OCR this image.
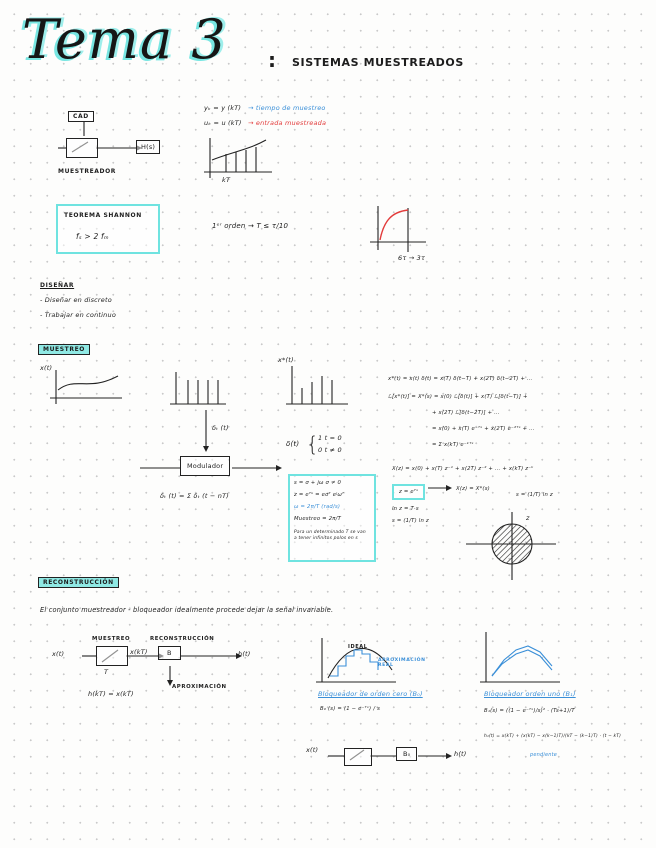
Tema 3 : SISTEMAS MUESTREADOS
CAD
H(s)
MUESTREADOR
yₖ = y (kT) → tiempo de muestreo
uₖ = u (kT) → entrada muestreada
kT
TEOREMA SHANNON
fₛ > 2 fₘ
1ᵉʳ orden → T ≤ τ/10
6τ → 3τ
DISEÑAR
- Diseñar en discreto
- Trabajar en continuo
MUESTREO
x(t)
x*(t)
δₜ (t)
Modulador
δₜ (t) = Σ δₜ (t − nT)
δ(t) { 1 t = 0
0 t ≠ 0
x*(t) = x(t) δ(t) = x(T) δ(t−T) + x(2T) δ(t−2T) + …
ℒ[x*(t)] = X*(s) = x(0) ℒ[δ(t)] + x(T) ℒ[δ(t−T)] +
+ x(2T) ℒ[δ(t−2T)] + …
= x(0) + x(T) e⁻ᵀˢ + x(2T) e⁻²ᵀˢ + …
= Σ x(kT) e⁻ᵏᵀˢ
X(z) = x(0) + x(T) z⁻¹ + x(2T) z⁻² + … + x(kT) z⁻ᵏ
s = σ + jω σ ≠ 0
z = eᵀˢ = eσᵀ eʲωᵀ
ω = 2π/T (rad/s)
Muestreo = 2π/T
Para un determinado T se van a tener infinitos polos en s
z = eᵀˢ	X(z) = X*(s)
s = (1/T) ln z
ln z = T·s
s = (1/T) ln z	z
RECONSTRUCCIÓN
El conjunto muestreador - bloqueador idealmente procede dejar la señal invariable.
x(t)
MUESTREO	RECONSTRUCCIÓN
x(kT)	B	h(t)
T
APROXIMACIÓN
h(kT) = x(kT)
IDEAL
APROXIMACIÓN REAL
Bloqueador de orden cero (B₀)
B₀ (s) = (1 − e⁻ᵀˢ) / s
Bloqueador orden uno (B₁)
B₁(s) = ((1 − e⁻ᵀˢ)/s)² · (Ts+1)/T
h₁(t) = x(kT) + (x(kT) − x(k−1)T)/(kT − (k−1)T) · (t − kT)
pendiente
x(t)	B₀	h(t)
